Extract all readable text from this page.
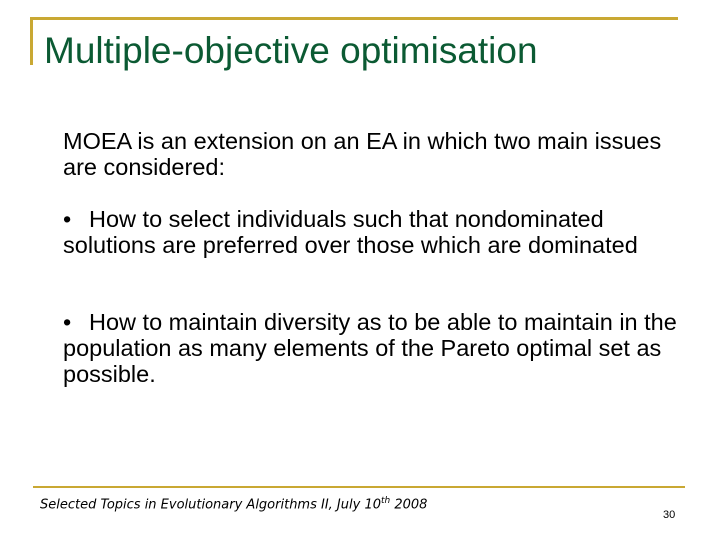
Multiple-objective optimisation

MOEA is an extension on an EA in which two main issues are considered:

• How to select individuals such that nondominated solutions are preferred over those which are dominated

• How to maintain diversity as to be able to maintain in the population as many elements of the Pareto optimal set as possible.

Selected Topics in Evolutionary Algorithms II, July 10th 2008
30
